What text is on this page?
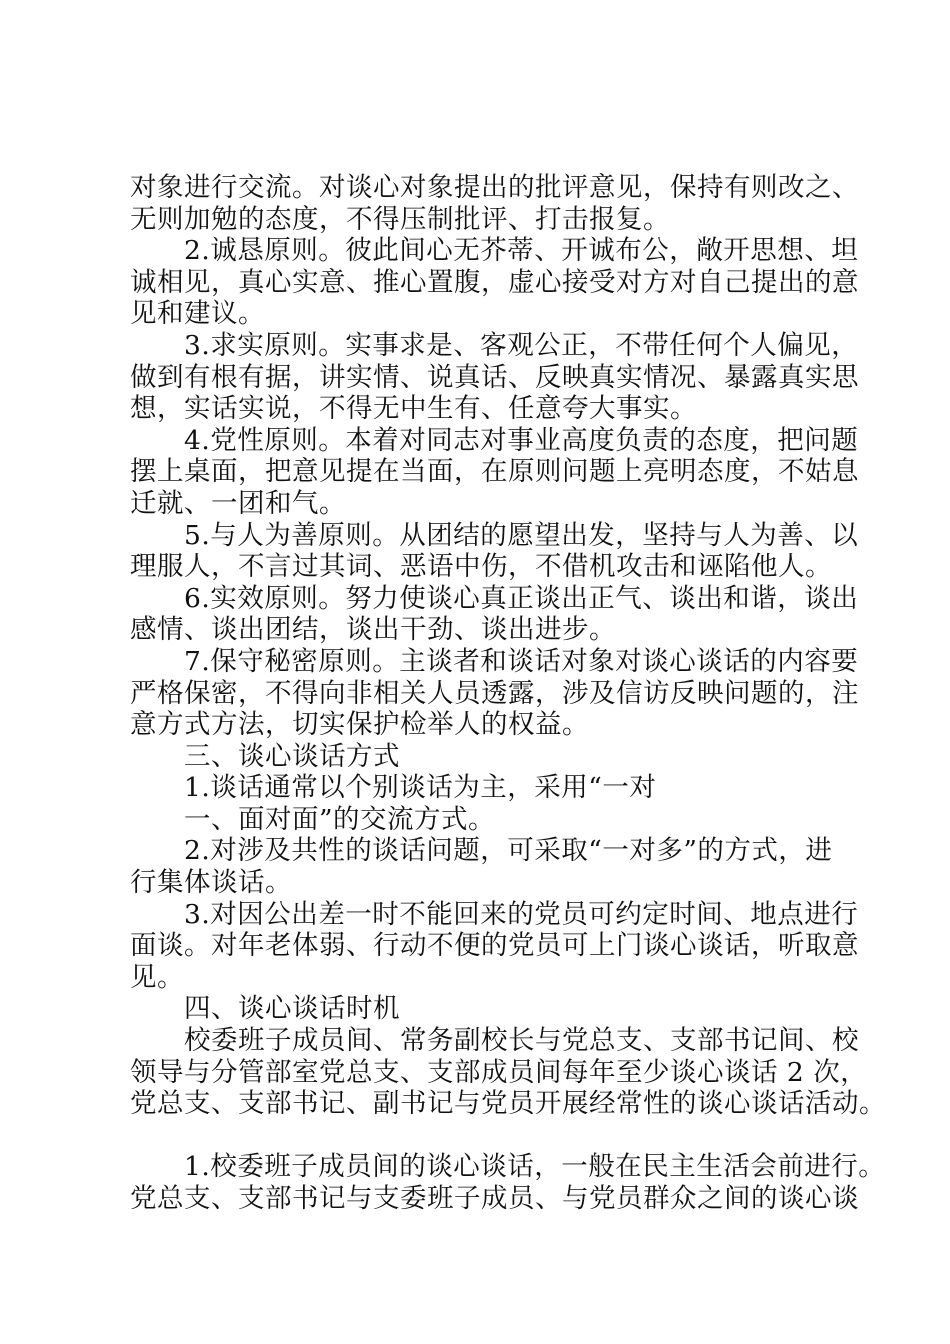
对象进行交流。对谈心对象提出的批评意见，保持有则改之、
无则加勉的态度，不得压制批评、打击报复。
2.诚恳原则。彼此间心无芥蒂、开诚布公，敞开思想、坦
诚相见，真心实意、推心置腹，虚心接受对方对自己提出的意
见和建议。
3.求实原则。实事求是、客观公正，不带任何个人偏见，
做到有根有据，讲实情、说真话、反映真实情况、暴露真实思
想，实话实说，不得无中生有、任意夸大事实。
4.党性原则。本着对同志对事业高度负责的态度，把问题
摆上桌面，把意见提在当面，在原则问题上亮明态度，不姑息
迁就、一团和气。
5.与人为善原则。从团结的愿望出发，坚持与人为善、以
理服人，不言过其词、恶语中伤，不借机攻击和诬陷他人。
6.实效原则。努力使谈心真正谈出正气、谈出和谐，谈出
感情、谈出团结，谈出干劲、谈出进步。
7.保守秘密原则。主谈者和谈话对象对谈心谈话的内容要
严格保密，不得向非相关人员透露，涉及信访反映问题的，注
意方式方法，切实保护检举人的权益。
三、谈心谈话方式
1.谈话通常以个别谈话为主，采用“一对
一、面对面”的交流方式。
2.对涉及共性的谈话问题，可采取“一对多”的方式，进
行集体谈话。
3.对因公出差一时不能回来的党员可约定时间、地点进行
面谈。对年老体弱、行动不便的党员可上门谈心谈话，听取意
见。
四、谈心谈话时机
校委班子成员间、常务副校长与党总支、支部书记间、校
领导与分管部室党总支、支部成员间每年至少谈心谈话 2 次，
党总支、支部书记、副书记与党员开展经常性的谈心谈话活动。
1.校委班子成员间的谈心谈话，一般在民主生活会前进行。
党总支、支部书记与支委班子成员、与党员群众之间的谈心谈
